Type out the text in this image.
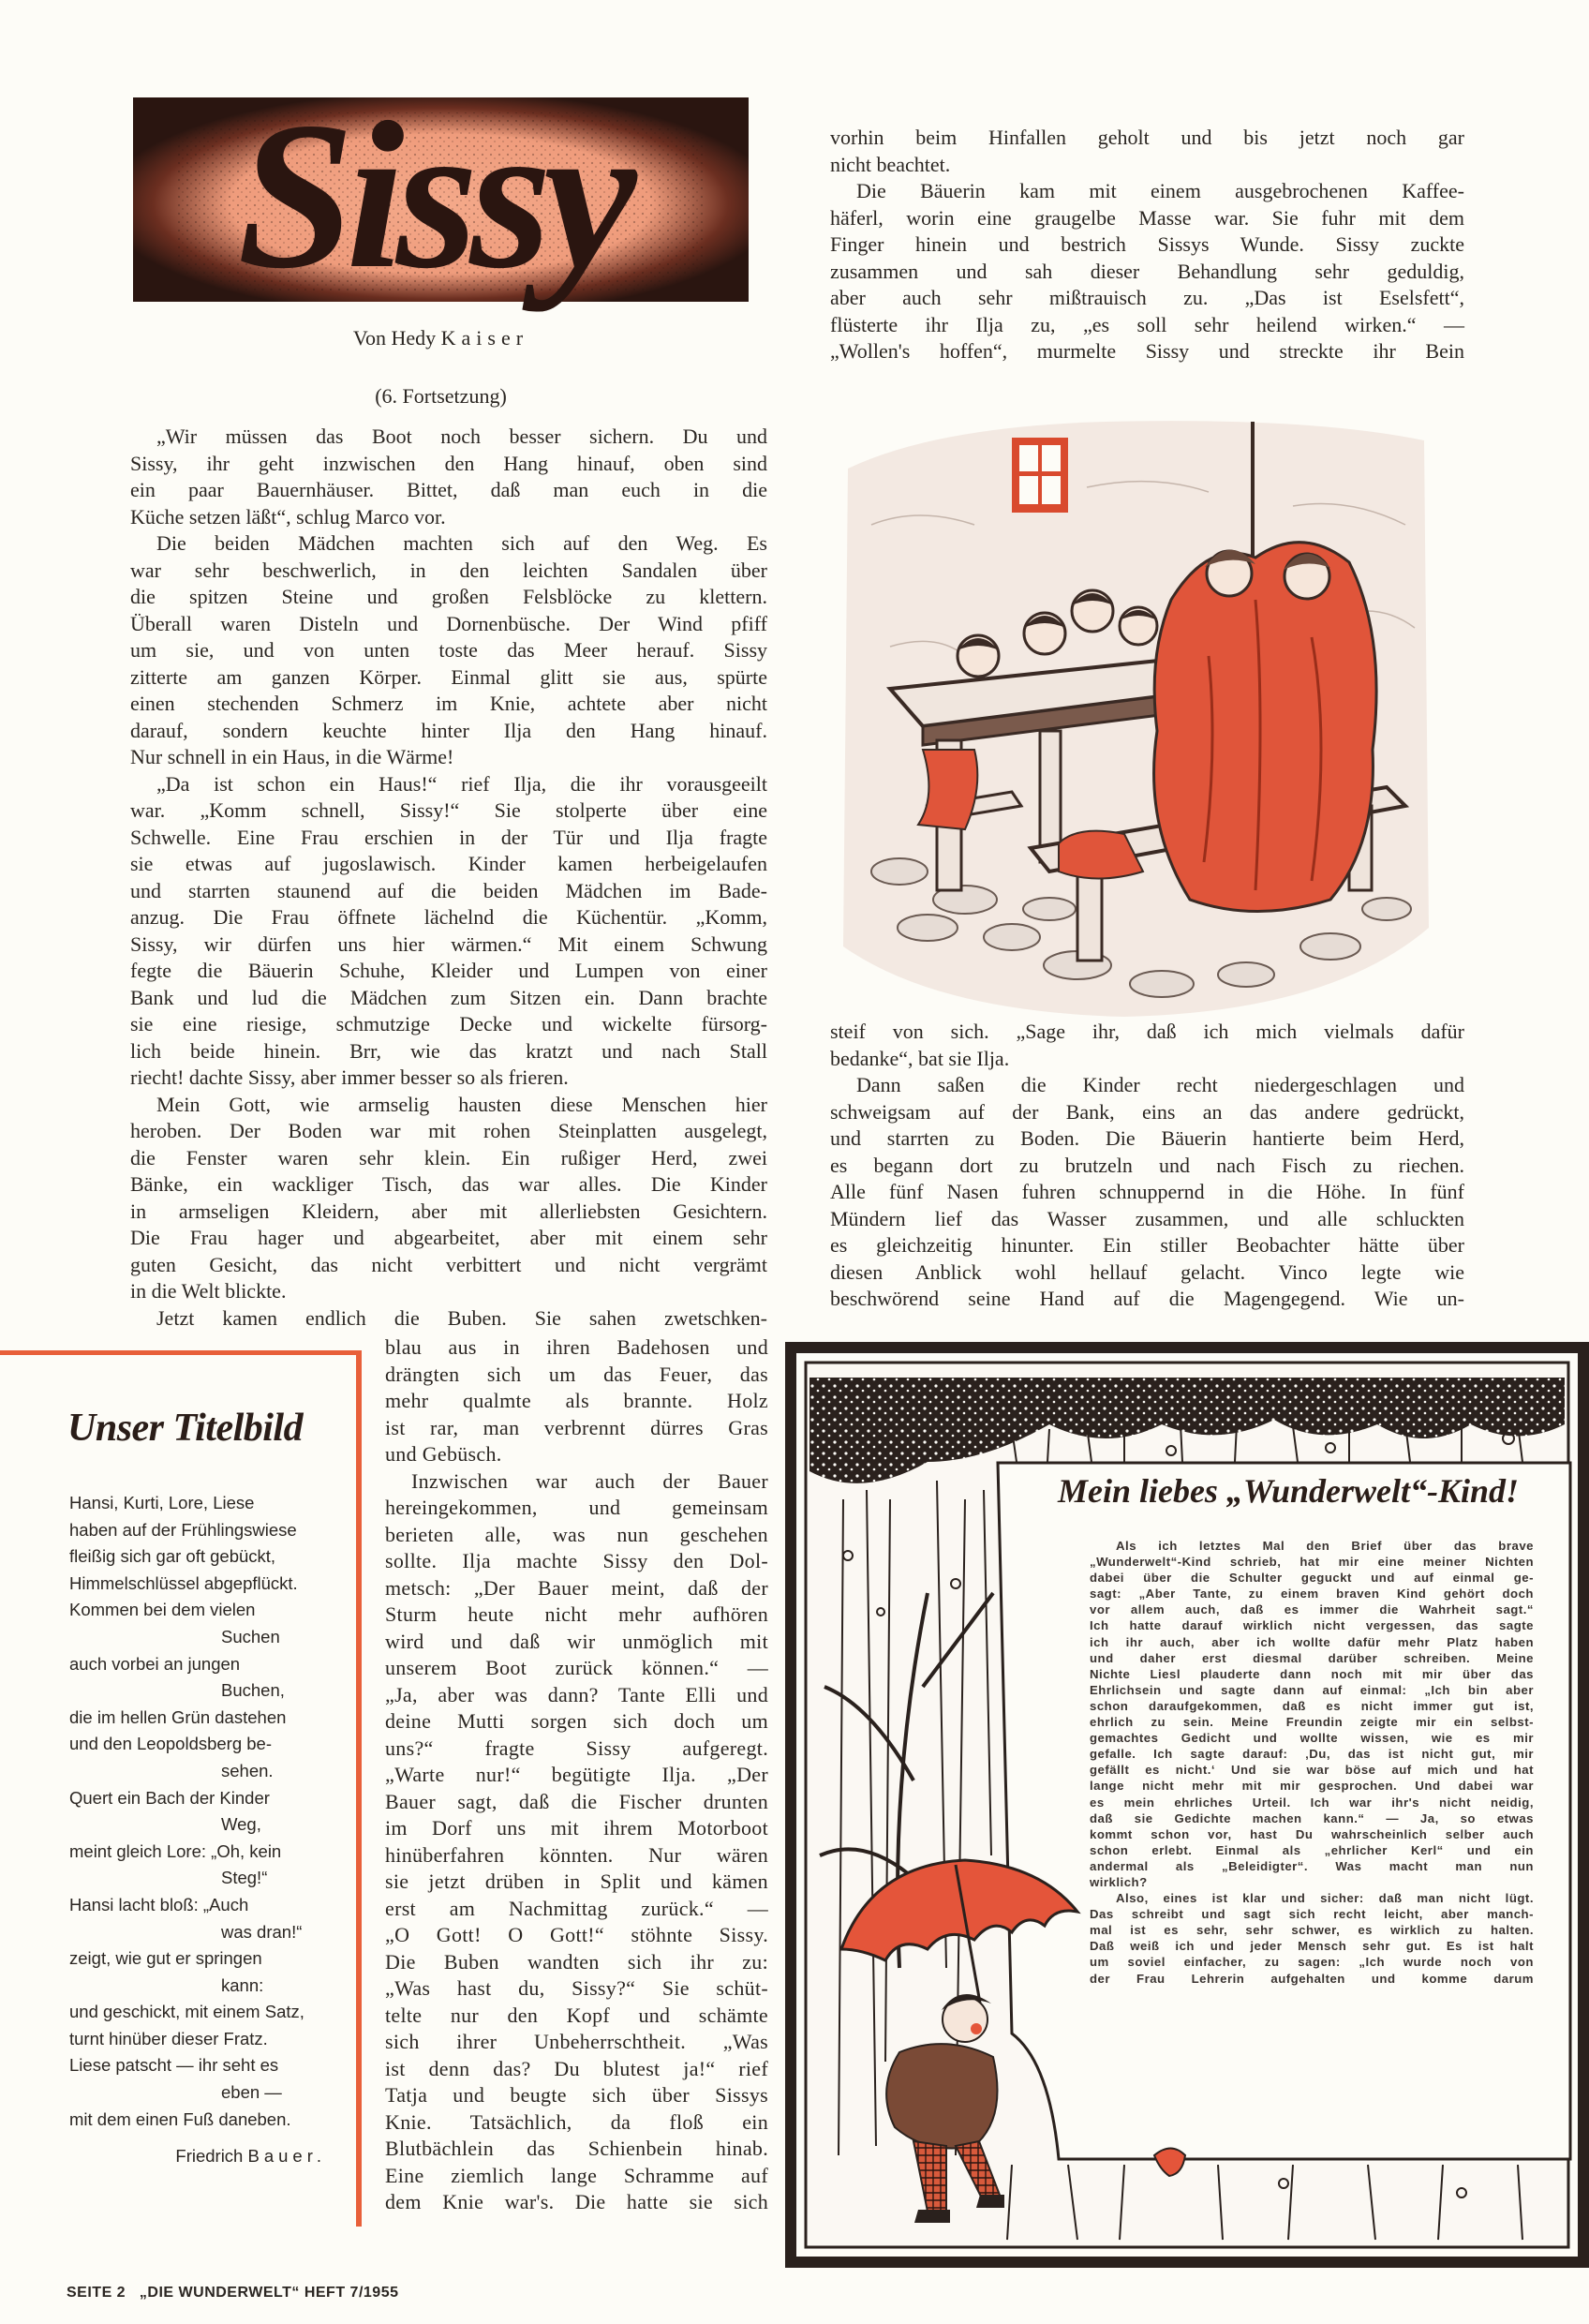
Sissy
Von Hedy Kaiser
(6. Fortsetzung)
„Wir müssen das Boot noch besser sichern. Du und
Sissy, ihr geht inzwischen den Hang hinauf, oben sind
ein paar Bauernhäuser. Bittet, daß man euch in die
Küche setzen läßt“, schlug Marco vor.
Die beiden Mädchen machten sich auf den Weg. Es
war sehr beschwerlich, in den leichten Sandalen über
die spitzen Steine und großen Felsblöcke zu klettern.
Überall waren Disteln und Dornenbüsche. Der Wind pfiff
um sie, und von unten toste das Meer herauf. Sissy
zitterte am ganzen Körper. Einmal glitt sie aus, spürte
einen stechenden Schmerz im Knie, achtete aber nicht
darauf, sondern keuchte hinter Ilja den Hang hinauf.
Nur schnell in ein Haus, in die Wärme!
„Da ist schon ein Haus!“ rief Ilja, die ihr vorausgeeilt
war. „Komm schnell, Sissy!“ Sie stolperte über eine
Schwelle. Eine Frau erschien in der Tür und Ilja fragte
sie etwas auf jugoslawisch. Kinder kamen herbeigelaufen
und starrten staunend auf die beiden Mädchen im Bade-
anzug. Die Frau öffnete lächelnd die Küchentür. „Komm,
Sissy, wir dürfen uns hier wärmen.“ Mit einem Schwung
fegte die Bäuerin Schuhe, Kleider und Lumpen von einer
Bank und lud die Mädchen zum Sitzen ein. Dann brachte
sie eine riesige, schmutzige Decke und wickelte fürsorg-
lich beide hinein. Brr, wie das kratzt und nach Stall
riecht! dachte Sissy, aber immer besser so als frieren.
Mein Gott, wie armselig hausten diese Menschen hier
heroben. Der Boden war mit rohen Steinplatten ausgelegt,
die Fenster waren sehr klein. Ein rußiger Herd, zwei
Bänke, ein wackliger Tisch, das war alles. Die Kinder
in armseligen Kleidern, aber mit allerliebsten Gesichtern.
Die Frau hager und abgearbeitet, aber mit einem sehr
guten Gesicht, das nicht verbittert und nicht vergrämt
in die Welt blickte.
Jetzt kamen endlich die Buben. Sie sahen zwetschken-
blau aus in ihren Badehosen und
drängten sich um das Feuer, das
mehr qualmte als brannte. Holz
ist rar, man verbrennt dürres Gras
und Gebüsch.
Inzwischen war auch der Bauer
hereingekommen, und gemeinsam
berieten alle, was nun geschehen
sollte. Ilja machte Sissy den Dol-
metsch: „Der Bauer meint, daß der
Sturm heute nicht mehr aufhören
wird und daß wir unmöglich mit
unserem Boot zurück können.“ —
„Ja, aber was dann? Tante Elli und
deine Mutti sorgen sich doch um
uns?“ fragte Sissy aufgeregt.
„Warte nur!“ begütigte Ilja. „Der
Bauer sagt, daß die Fischer drunten
im Dorf uns mit ihrem Motorboot
hinüberfahren könnten. Nur wären
sie jetzt drüben in Split und kämen
erst am Nachmittag zurück.“ —
„O Gott! O Gott!“ stöhnte Sissy.
Die Buben wandten sich ihr zu:
„Was hast du, Sissy?“ Sie schüt-
telte nur den Kopf und schämte
sich ihrer Unbeherrschtheit. „Was
ist denn das? Du blutest ja!“ rief
Tatja und beugte sich über Sissys
Knie. Tatsächlich, da floß ein
Blutbächlein das Schienbein hinab.
Eine ziemlich lange Schramme auf
dem Knie war's. Die hatte sie sich
vorhin beim Hinfallen geholt und bis jetzt noch gar
nicht beachtet.
Die Bäuerin kam mit einem ausgebrochenen Kaffee-
häferl, worin eine graugelbe Masse war. Sie fuhr mit dem
Finger hinein und bestrich Sissys Wunde. Sissy zuckte
zusammen und sah dieser Behandlung sehr geduldig,
aber auch sehr mißtrauisch zu. „Das ist Eselsfett“,
flüsterte ihr Ilja zu, „es soll sehr heilend wirken.“ —
„Wollen's hoffen“, murmelte Sissy und streckte ihr Bein
steif von sich. „Sage ihr, daß ich mich vielmals dafür
bedanke“, bat sie Ilja.
Dann saßen die Kinder recht niedergeschlagen und
schweigsam auf der Bank, eins an das andere gedrückt,
und starrten zu Boden. Die Bäuerin hantierte beim Herd,
es begann dort zu brutzeln und nach Fisch zu riechen.
Alle fünf Nasen fuhren schnuppernd in die Höhe. In fünf
Mündern lief das Wasser zusammen, und alle schluckten
es gleichzeitig hinunter. Ein stiller Beobachter hätte über
diesen Anblick wohl hellauf gelacht. Vinco legte wie
beschwörend seine Hand auf die Magengegend. Wie un-
Unser Titelbild
Hansi, Kurti, Lore, Liese
haben auf der Frühlingswiese
fleißig sich gar oft gebückt,
Himmelschlüssel abgepflückt.
Kommen bei dem vielen
Suchen
auch vorbei an jungen
Buchen,
die im hellen Grün dastehen
und den Leopoldsberg be-
sehen.
Quert ein Bach der Kinder
Weg,
meint gleich Lore: „Oh, kein
Steg!“
Hansi lacht bloß: „Auch
was dran!“
zeigt, wie gut er springen
kann:
und geschickt, mit einem Satz,
turnt hinüber dieser Fratz.
Liese patscht — ihr seht es
eben —
mit dem einen Fuß daneben.
Friedrich Bauer.
Mein liebes „Wunderwelt“-Kind!
Als ich letztes Mal den Brief über das brave
„Wunderwelt“-Kind schrieb, hat mir eine meiner Nichten
dabei über die Schulter geguckt und auf einmal ge-
sagt: „Aber Tante, zu einem braven Kind gehört doch
vor allem auch, daß es immer die Wahrheit sagt.“
Ich hatte darauf wirklich nicht vergessen, das sagte
ich ihr auch, aber ich wollte dafür mehr Platz haben
und daher erst diesmal darüber schreiben. Meine
Nichte Liesl plauderte dann noch mit mir über das
Ehrlichsein und sagte dann auf einmal: „Ich bin aber
schon daraufgekommen, daß es nicht immer gut ist,
ehrlich zu sein. Meine Freundin zeigte mir ein selbst-
gemachtes Gedicht und wollte wissen, wie es mir
gefalle. Ich sagte darauf: ‚Du, das ist nicht gut, mir
gefällt es nicht.‘ Und sie war böse auf mich und hat
lange nicht mehr mit mir gesprochen. Und dabei war
es mein ehrliches Urteil. Ich war ihr's nicht neidig,
daß sie Gedichte machen kann.“ — Ja, so etwas
kommt schon vor, hast Du wahrscheinlich selber auch
schon erlebt. Einmal als „ehrlicher Kerl“ und ein
andermal als „Beleidigter“. Was macht man nun
wirklich?
Also, eines ist klar und sicher: daß man nicht lügt.
Das schreibt und sagt sich recht leicht, aber manch-
mal ist es sehr, sehr schwer, es wirklich zu halten.
Daß weiß ich und jeder Mensch sehr gut. Es ist halt
um soviel einfacher, zu sagen: „Ich wurde noch von
der Frau Lehrerin aufgehalten und komme darum
SEITE 2 „DIE WUNDERWELT“ HEFT 7/1955
